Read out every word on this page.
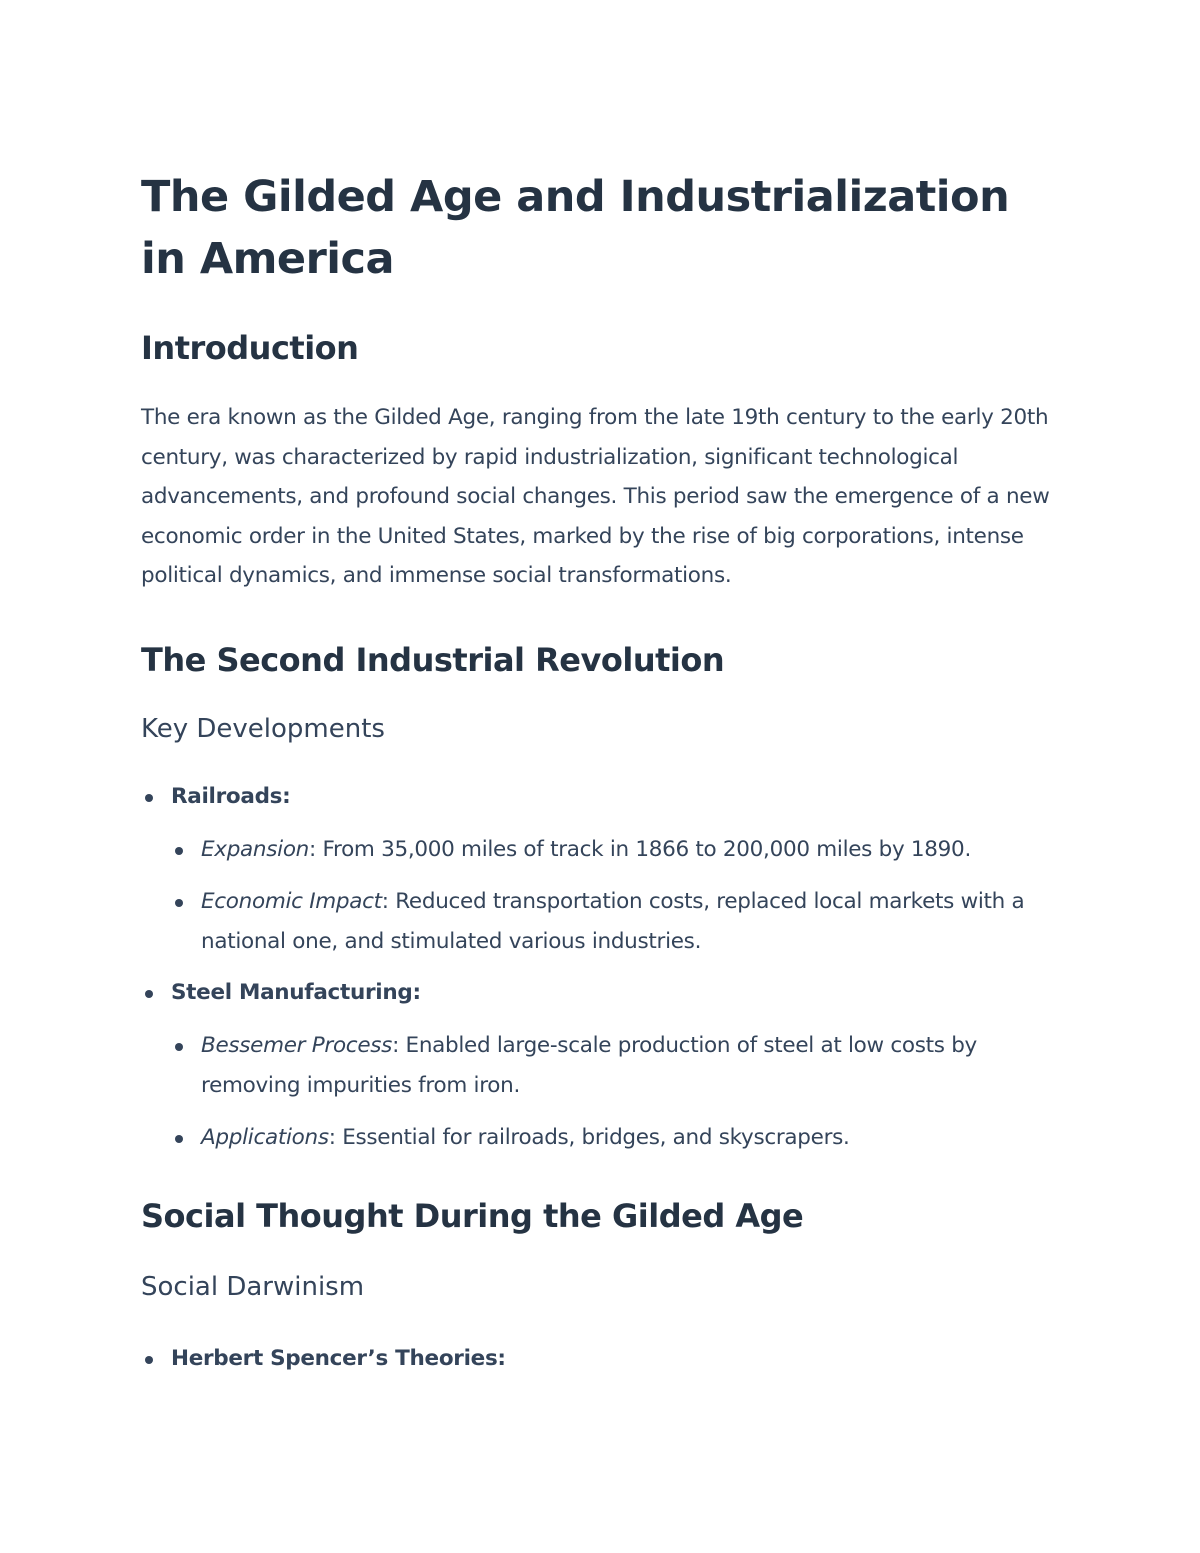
The Gilded Age and Industrialization in America
Introduction

The era known as the Gilded Age, ranging from the late 19th century to the early 20th century, was characterized by rapid industrialization, significant technological advancements, and profound social changes. This period saw the emergence of a new economic order in the United States, marked by the rise of big corporations, intense political dynamics, and immense social transformations.

The Second Industrial Revolution
Key Developments
Railroads:
Expansion: From 35,000 miles of track in 1866 to 200,000 miles by 1890.
Economic Impact: Reduced transportation costs, replaced local markets with a national one, and stimulated various industries.
Steel Manufacturing:
Bessemer Process: Enabled large-scale production of steel at low costs by removing impurities from iron.
Applications: Essential for railroads, bridges, and skyscrapers.
Social Thought During the Gilded Age
Social Darwinism
Herbert Spencer’s Theories:
